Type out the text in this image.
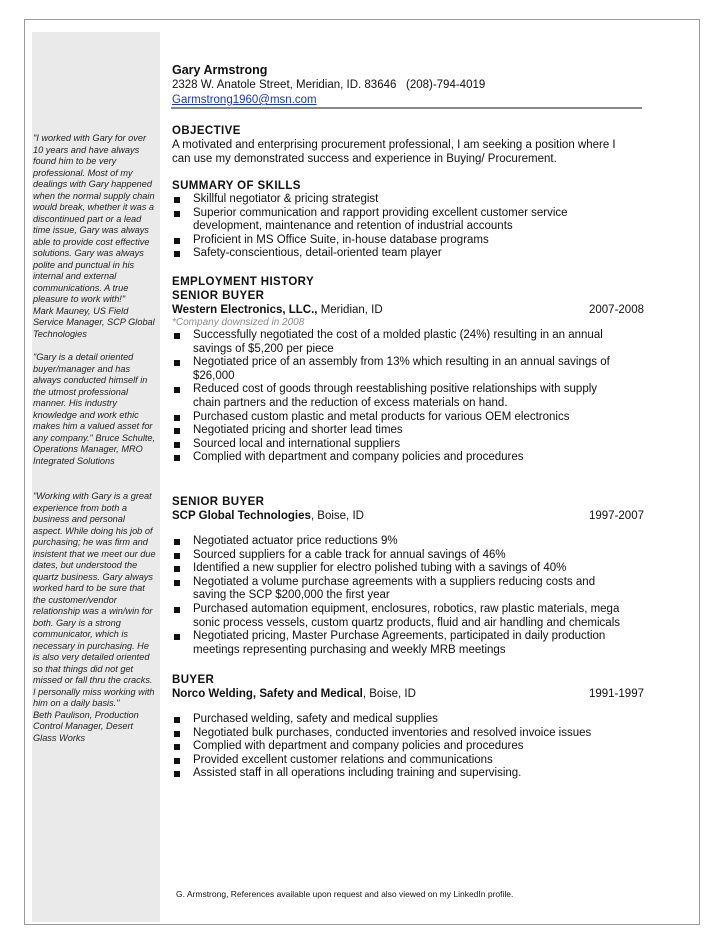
"I worked with Gary for over
10 years and have always
found him to be very
professional. Most of my
dealings with Gary happened
when the normal supply chain
would break, whether it was a
discontinued part or a lead
time issue, Gary was always
able to provide cost effective
solutions. Gary was always
polite and punctual in his
internal and external
communications. A true
pleasure to work with!"
Mark Mauney, US Field
Service Manager, SCP Global
Technologies
"Gary is a detail oriented
buyer/manager and has
always conducted himself in
the utmost professional
manner. His industry
knowledge and work ethic
makes him a valued asset for
any company." Bruce Schulte,
Operations Manager, MRO
Integrated Solutions
"Working with Gary is a great
experience from both a
business and personal
aspect. While doing his job of
purchasing; he was firm and
insistent that we meet our due
dates, but understood the
quartz business. Gary always
worked hard to be sure that
the customer/vendor
relationship was a win/win for
both. Gary is a strong
communicator, which is
necessary in purchasing. He
is also very detailed oriented
so that things did not get
missed or fall thru the cracks.
I personally miss working with
him on a daily basis."
Beth Paulison, Production
Control Manager, Desert
Glass Works
Gary Armstrong
2328 W. Anatole Street, Meridian, ID. 83646 (208)-794-4019
Garmstrong1960@msn.com
OBJECTIVE
A motivated and enterprising procurement professional, I am seeking a position where I
can use my demonstrated success and experience in Buying/ Procurement.
SUMMARY OF SKILLS
Skillful negotiator & pricing strategist
Superior communication and rapport providing excellent customer service
development, maintenance and retention of industrial accounts
Proficient in MS Office Suite, in-house database programs
Safety-conscientious, detail-oriented team player
EMPLOYMENT HISTORY
SENIOR BUYER
Western Electronics, LLC., Meridian, ID	2007-2008
*Company downsized in 2008
Successfully negotiated the cost of a molded plastic (24%) resulting in an annual
savings of $5,200 per piece
Negotiated price of an assembly from 13% which resulting in an annual savings of
$26,000
Reduced cost of goods through reestablishing positive relationships with supply
chain partners and the reduction of excess materials on hand.
Purchased custom plastic and metal products for various OEM electronics
Negotiated pricing and shorter lead times
Sourced local and international suppliers
Complied with department and company policies and procedures
SENIOR BUYER
SCP Global Technologies, Boise, ID	1997-2007
Negotiated actuator price reductions 9%
Sourced suppliers for a cable track for annual savings of 46%
Identified a new supplier for electro polished tubing with a savings of 40%
Negotiated a volume purchase agreements with a suppliers reducing costs and
saving the SCP $200,000 the first year
Purchased automation equipment, enclosures, robotics, raw plastic materials, mega
sonic process vessels, custom quartz products, fluid and air handling and chemicals
Negotiated pricing, Master Purchase Agreements, participated in daily production
meetings representing purchasing and weekly MRB meetings
BUYER
Norco Welding, Safety and Medical, Boise, ID	1991-1997
Purchased welding, safety and medical supplies
Negotiated bulk purchases, conducted inventories and resolved invoice issues
Complied with department and company policies and procedures
Provided excellent customer relations and communications
Assisted staff in all operations including training and supervising.
G. Armstrong, References available upon request and also viewed on my LinkedIn profile.
